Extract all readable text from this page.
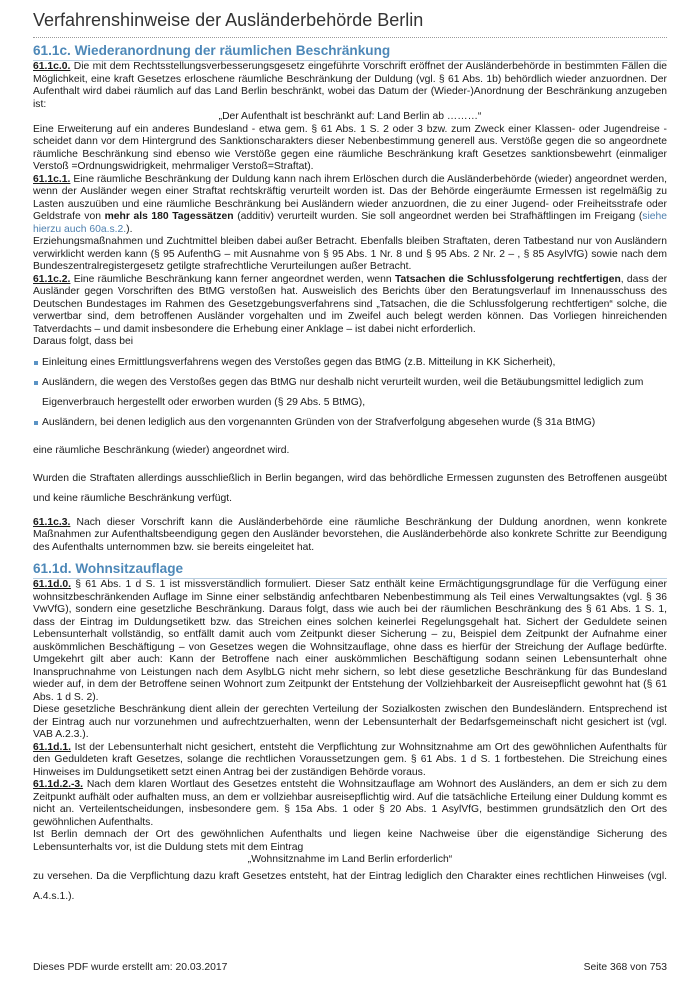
Verfahrenshinweise der Ausländerbehörde Berlin
61.1c. Wiederanordnung der räumlichen Beschränkung

61.1c.0. Die mit dem Rechtsstellungsverbesserungsgesetz eingeführte Vorschrift eröffnet der Ausländerbehörde in bestimmten Fällen die Möglichkeit, eine kraft Gesetzes erloschene räumliche Beschränkung der Duldung (vgl. § 61 Abs. 1b) behördlich wieder anzuordnen. Der Aufenthalt wird dabei räumlich auf das Land Berlin beschränkt, wobei das Datum der (Wieder-)Anordnung der Beschränkung anzugeben ist:

„Der Aufenthalt ist beschränkt auf: Land Berlin ab ………“

Eine Erweiterung auf ein anderes Bundesland - etwa gem. § 61 Abs. 1 S. 2 oder 3 bzw. zum Zweck einer Klassen- oder Jugendreise - scheidet dann vor dem Hintergrund des Sanktionscharakters dieser Nebenbestimmung generell aus. Verstöße gegen die so angeordnete räumliche Beschränkung sind ebenso wie Verstöße gegen eine räumliche Beschränkung kraft Gesetzes sanktionsbewehrt (einmaliger Verstoß =Ordnungswidrigkeit, mehrmaliger Verstoß=Straftat).

61.1c.1. Eine räumliche Beschränkung der Duldung kann nach ihrem Erlöschen durch die Ausländerbehörde (wieder) angeordnet werden, wenn der Ausländer wegen einer Straftat rechtskräftig verurteilt worden ist. Das der Behörde eingeräumte Ermessen ist regelmäßig zu Lasten auszuüben und eine räumliche Beschränkung bei Ausländern wieder anzuordnen, die zu einer Jugend- oder Freiheitsstrafe oder Geldstrafe von mehr als 180 Tagessätzen (additiv) verurteilt wurden. Sie soll angeordnet werden bei Strafhäftlingen im Freigang (siehe hierzu auch 60a.s.2.).

Erziehungsmaßnahmen und Zuchtmittel bleiben dabei außer Betracht. Ebenfalls bleiben Straftaten, deren Tatbestand nur von Ausländern verwirklicht werden kann (§ 95 AufenthG – mit Ausnahme von § 95 Abs. 1 Nr. 8 und § 95 Abs. 2 Nr. 2 – , § 85 AsylVfG) sowie nach dem Bundeszentralregistergesetz getilgte strafrechtliche Verurteilungen außer Betracht.

61.1c.2. Eine räumliche Beschränkung kann ferner angeordnet werden, wenn Tatsachen die Schlussfolgerung rechtfertigen, dass der Ausländer gegen Vorschriften des BtMG verstoßen hat. Ausweislich des Berichts über den Beratungsverlauf im Innenausschuss des Deutschen Bundestages im Rahmen des Gesetzgebungsverfahrens sind „Tatsachen, die die Schlussfolgerung rechtfertigen“ solche, die verwertbar sind, dem betroffenen Ausländer vorgehalten und im Zweifel auch belegt werden können. Das Vorliegen hinreichenden Tatverdachts – und damit insbesondere die Erhebung einer Anklage – ist dabei nicht erforderlich.

Daraus folgt, dass bei

Einleitung eines Ermittlungsverfahrens wegen des Verstoßes gegen das BtMG (z.B. Mitteilung in KK Sicherheit),
Ausländern, die wegen des Verstoßes gegen das BtMG nur deshalb nicht verurteilt wurden, weil die Betäubungsmittel lediglich zum Eigenverbrauch hergestellt oder erworben wurden (§ 29 Abs. 5 BtMG),
Ausländern, bei denen lediglich aus den vorgenannten Gründen von der Strafverfolgung abgesehen wurde (§ 31a BtMG)

eine räumliche Beschränkung (wieder) angeordnet wird.

Wurden die Straftaten allerdings ausschließlich in Berlin begangen, wird das behördliche Ermessen zugunsten des Betroffenen ausgeübt und keine räumliche Beschränkung verfügt.

61.1c.3. Nach dieser Vorschrift kann die Ausländerbehörde eine räumliche Beschränkung der Duldung anordnen, wenn konkrete Maßnahmen zur Aufenthaltsbeendigung gegen den Ausländer bevorstehen, die Ausländerbehörde also konkrete Schritte zur Beendigung des Aufenthalts unternommen bzw. sie bereits eingeleitet hat.

61.1d. Wohnsitzauflage

61.1d.0. § 61 Abs. 1 d S. 1 ist missverständlich formuliert. Dieser Satz enthält keine Ermächtigungsgrundlage für die Verfügung einer wohnsitzbeschränkenden Auflage im Sinne einer selbständig anfechtbaren Nebenbestimmung als Teil eines Verwaltungsaktes (vgl. § 36 VwVfG), sondern eine gesetzliche Beschränkung. Daraus folgt, dass wie auch bei der räumlichen Beschränkung des § 61 Abs. 1 S. 1, dass der Eintrag im Duldungsetikett bzw. das Streichen eines solchen keinerlei Regelungsgehalt hat. Sichert der Geduldete seinen Lebensunterhalt vollständig, so entfällt damit auch vom Zeitpunkt dieser Sicherung – zu, Beispiel dem Zeitpunkt der Aufnahme einer auskömmlichen Beschäftigung – von Gesetzes wegen die Wohnsitzauflage, ohne dass es hierfür der Streichung der Auflage bedürfte. Umgekehrt gilt aber auch: Kann der Betroffene nach einer auskömmlichen Beschäftigung sodann seinen Lebensunterhalt ohne Inanspruchnahme von Leistungen nach dem AsylbLG nicht mehr sichern, so lebt diese gesetzliche Beschränkung für das Bundesland wieder auf, in dem der Betroffene seinen Wohnort zum Zeitpunkt der Entstehung der Vollziehbarkeit der Ausreisepflicht gewohnt hat (§ 61 Abs. 1 d S. 2).

Diese gesetzliche Beschränkung dient allein der gerechten Verteilung der Sozialkosten zwischen den Bundesländern. Entsprechend ist der Eintrag auch nur vorzunehmen und aufrechtzuerhalten, wenn der Lebensunterhalt der Bedarfsgemeinschaft nicht gesichert ist (vgl. VAB A.2.3.).

61.1d.1. Ist der Lebensunterhalt nicht gesichert, entsteht die Verpflichtung zur Wohnsitznahme am Ort des gewöhnlichen Aufenthalts für den Geduldeten kraft Gesetzes, solange die rechtlichen Voraussetzungen gem. § 61 Abs. 1 d S. 1 fortbestehen. Die Streichung eines Hinweises im Duldungsetikett setzt einen Antrag bei der zuständigen Behörde voraus.

61.1d.2.-3. Nach dem klaren Wortlaut des Gesetzes entsteht die Wohnsitzauflage am Wohnort des Ausländers, an dem er sich zu dem Zeitpunkt aufhält oder aufhalten muss, an dem er vollziehbar ausreisepflichtig wird. Auf die tatsächliche Erteilung einer Duldung kommt es nicht an. Verteilentscheidungen, insbesondere gem. § 15a Abs. 1 oder § 20 Abs. 1 AsylVfG, bestimmen grundsätzlich den Ort des gewöhnlichen Aufenthalts.

Ist Berlin demnach der Ort des gewöhnlichen Aufenthalts und liegen keine Nachweise über die eigenständige Sicherung des Lebensunterhalts vor, ist die Duldung stets mit dem Eintrag

„Wohnsitznahme im Land Berlin erforderlich“

zu versehen. Da die Verpflichtung dazu kraft Gesetzes entsteht, hat der Eintrag lediglich den Charakter eines rechtlichen Hinweises (vgl. A.4.s.1.).

Dieses PDF wurde erstellt am: 20.03.2017	Seite 368 von 753
